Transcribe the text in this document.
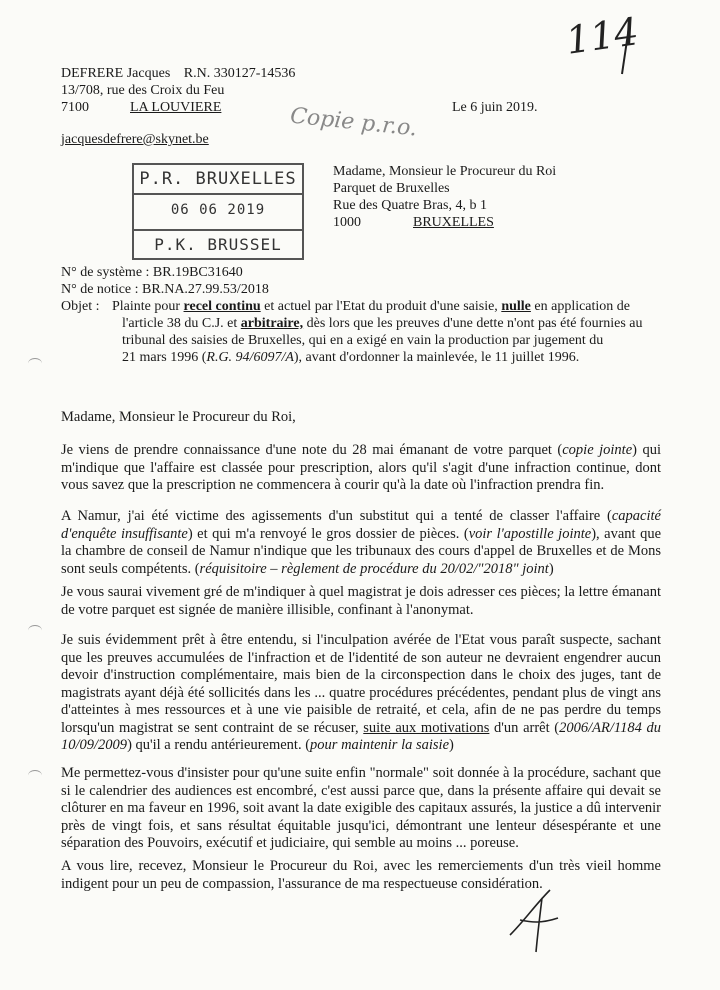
114
Copie p.r.o.
DEFRERE Jacques R.N. 330127-14536
13/708, rue des Croix du Feu
7100	LA LOUVIERE
jacquesdefrere@skynet.be
Le 6 juin 2019.
P.R. BRUXELLES
06 06 2019
P.K. BRUSSEL
Madame, Monsieur le Procureur du Roi
Parquet de Bruxelles
Rue des Quatre Bras, 4, b 1
1000	BRUXELLES
N° de système : BR.19BC31640
N° de notice : BR.NA.27.99.53/2018
Objet : Plainte pour recel continu et actuel par l'Etat du produit d'une saisie, nulle en application de
l'article 38 du C.J. et arbitraire, dès lors que les preuves d'une dette n'ont pas été fournies au
tribunal des saisies de Bruxelles, qui en a exigé en vain la production par jugement du
21 mars 1996 (R.G. 94/6097/A), avant d'ordonner la mainlevée, le 11 juillet 1996.
Madame, Monsieur le Procureur du Roi,
Je viens de prendre connaissance d'une note du 28 mai émanant de votre parquet (copie jointe) qui m'indique que l'affaire est classée pour prescription, alors qu'il s'agit d'une infraction continue, dont vous savez que la prescription ne commencera à courir qu'à la date où l'infraction prendra fin.
A Namur, j'ai été victime des agissements d'un substitut qui a tenté de classer l'affaire (capacité d'enquête insuffisante) et qui m'a renvoyé le gros dossier de pièces. (voir l'apostille jointe), avant que la chambre de conseil de Namur n'indique que les tribunaux des cours d'appel de Bruxelles et de Mons sont seuls compétents. (réquisitoire – règlement de procédure du 20/02/"2018" joint)
Je vous saurai vivement gré de m'indiquer à quel magistrat je dois adresser ces pièces; la lettre émanant de votre parquet est signée de manière illisible, confinant à l'anonymat.
Je suis évidemment prêt à être entendu, si l'inculpation avérée de l'Etat vous paraît suspecte, sachant que les preuves accumulées de l'infraction et de l'identité de son auteur ne devraient engendrer aucun devoir d'instruction complémentaire, mais bien de la circonspection dans le choix des juges, tant de magistrats ayant déjà été sollicités dans les ... quatre procédures précédentes, pendant plus de vingt ans d'atteintes à mes ressources et à une vie paisible de retraité, et cela, afin de ne pas perdre du temps lorsqu'un magistrat se sent contraint de se récuser, suite aux motivations d'un arrêt (2006/AR/1184 du 10/09/2009) qu'il a rendu antérieurement. (pour maintenir la saisie)
Me permettez-vous d'insister pour qu'une suite enfin "normale" soit donnée à la procédure, sachant que si le calendrier des audiences est encombré, c'est aussi parce que, dans la présente affaire qui devait se clôturer en ma faveur en 1996, soit avant la date exigible des capitaux assurés, la justice a dû intervenir près de vingt fois, et sans résultat équitable jusqu'ici, démontrant une lenteur désespérante et une séparation des Pouvoirs, exécutif et judiciaire, qui semble au moins ... poreuse.
A vous lire, recevez, Monsieur le Procureur du Roi, avec les remerciements d'un très vieil homme indigent pour un peu de compassion, l'assurance de ma respectueuse considération.
